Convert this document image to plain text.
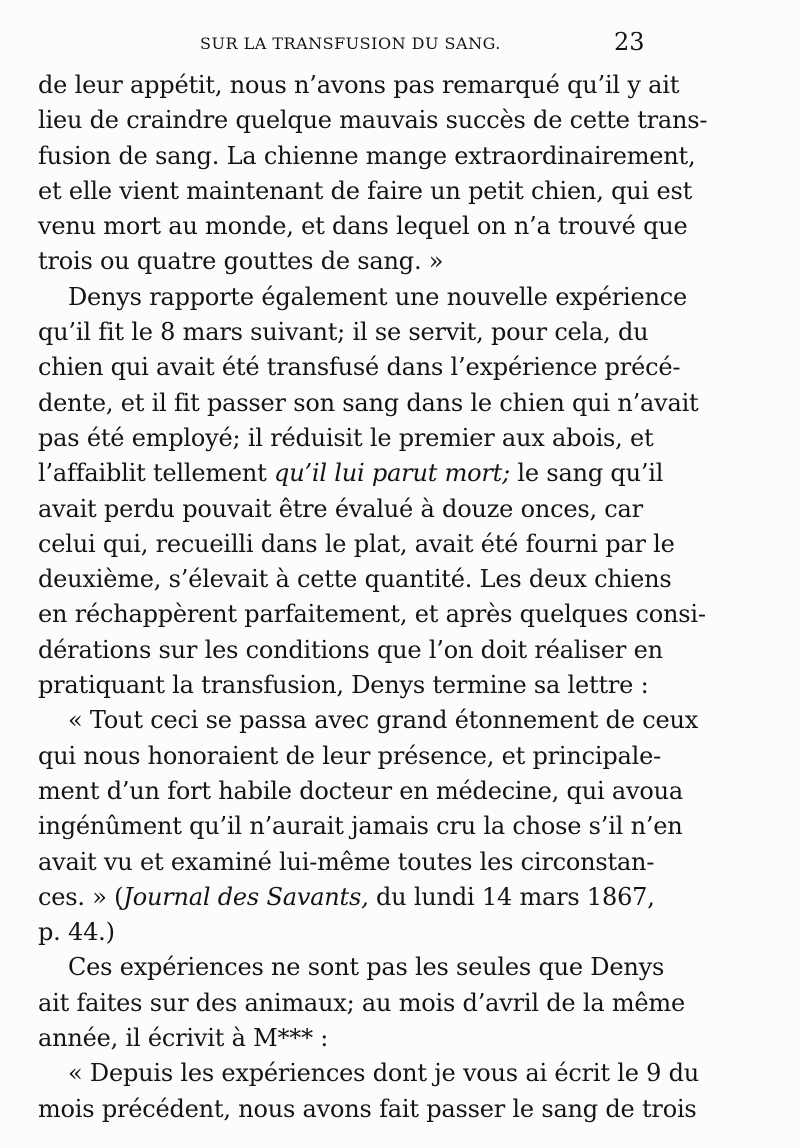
SUR LA TRANSFUSION DU SANG.	23
de leur appétit, nous n’avons pas remarqué qu’il y ait
lieu de craindre quelque mauvais succès de cette trans-
fusion de sang. La chienne mange extraordinairement,
et elle vient maintenant de faire un petit chien, qui est
venu mort au monde, et dans lequel on n’a trouvé que
trois ou quatre gouttes de sang. »
Denys rapporte également une nouvelle expérience
qu’il fit le 8 mars suivant; il se servit, pour cela, du
chien qui avait été transfusé dans l’expérience précé-
dente, et il fit passer son sang dans le chien qui n’avait
pas été employé; il réduisit le premier aux abois, et
l’affaiblit tellement qu’il lui parut mort; le sang qu’il
avait perdu pouvait être évalué à douze onces, car
celui qui, recueilli dans le plat, avait été fourni par le
deuxième, s’élevait à cette quantité. Les deux chiens
en réchappèrent parfaitement, et après quelques consi-
dérations sur les conditions que l’on doit réaliser en
pratiquant la transfusion, Denys termine sa lettre :
« Tout ceci se passa avec grand étonnement de ceux
qui nous honoraient de leur présence, et principale-
ment d’un fort habile docteur en médecine, qui avoua
ingénûment qu’il n’aurait jamais cru la chose s’il n’en
avait vu et examiné lui-même toutes les circonstan-
ces. » (Journal des Savants, du lundi 14 mars 1867,
p. 44.)
Ces expériences ne sont pas les seules que Denys
ait faites sur des animaux; au mois d’avril de la même
année, il écrivit à M*** :
« Depuis les expériences dont je vous ai écrit le 9 du
mois précédent, nous avons fait passer le sang de trois
